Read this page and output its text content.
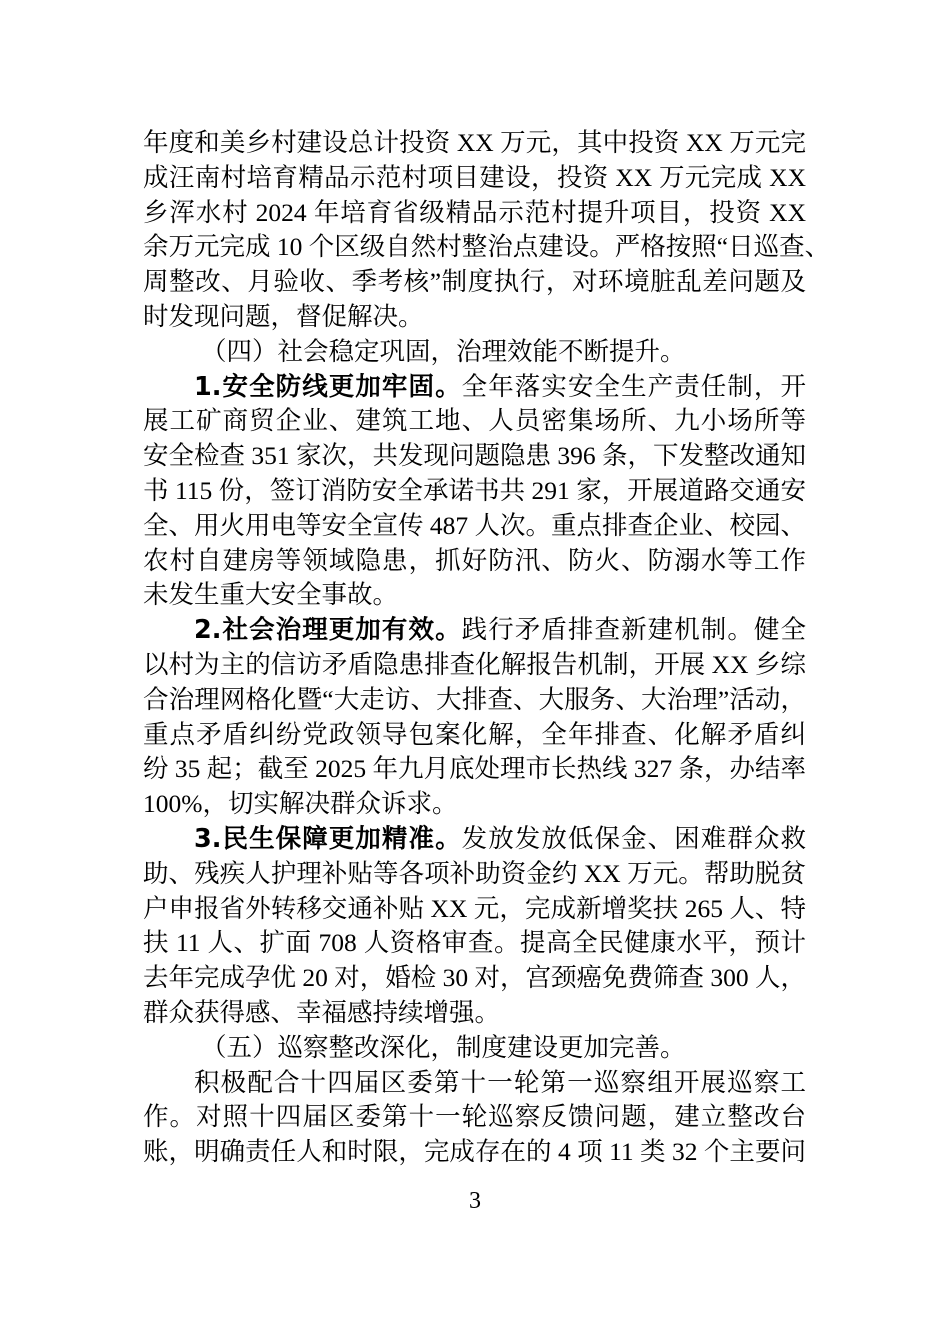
年度和美乡村建设总计投资 XX 万元，其中投资 XX 万元完
成汪南村培育精品示范村项目建设，投资 XX 万元完成 XX
乡浑水村 2024 年培育省级精品示范村提升项目，投资 XX
余万元完成 10 个区级自然村整治点建设。严格按照“日巡查、
周整改、月验收、季考核”制度执行，对环境脏乱差问题及
时发现问题，督促解决。
（四）社会稳定巩固，治理效能不断提升。
1.安全防线更加牢固。全年落实安全生产责任制，开
展工矿商贸企业、建筑工地、人员密集场所、九小场所等
安全检查 351 家次，共发现问题隐患 396 条，下发整改通知
书 115 份，签订消防安全承诺书共 291 家，开展道路交通安
全、用火用电等安全宣传 487 人次。重点排查企业、校园、
农村自建房等领域隐患，抓好防汛、防火、防溺水等工作
未发生重大安全事故。
2.社会治理更加有效。践行矛盾排查新建机制。健全
以村为主的信访矛盾隐患排查化解报告机制，开展 XX 乡综
合治理网格化暨“大走访、大排查、大服务、大治理”活动，
重点矛盾纠纷党政领导包案化解，全年排查、化解矛盾纠
纷 35 起；截至 2025 年九月底处理市长热线 327 条，办结率
100%，切实解决群众诉求。
3.民生保障更加精准。发放发放低保金、困难群众救
助、残疾人护理补贴等各项补助资金约 XX 万元。帮助脱贫
户申报省外转移交通补贴 XX 元，完成新增奖扶 265 人、特
扶 11 人、扩面 708 人资格审查。提高全民健康水平，预计
去年完成孕优 20 对，婚检 30 对，宫颈癌免费筛查 300 人，
群众获得感、幸福感持续增强。
（五）巡察整改深化，制度建设更加完善。
积极配合十四届区委第十一轮第一巡察组开展巡察工
作。对照十四届区委第十一轮巡察反馈问题，建立整改台
账，明确责任人和时限，完成存在的 4 项 11 类 32 个主要问
3
